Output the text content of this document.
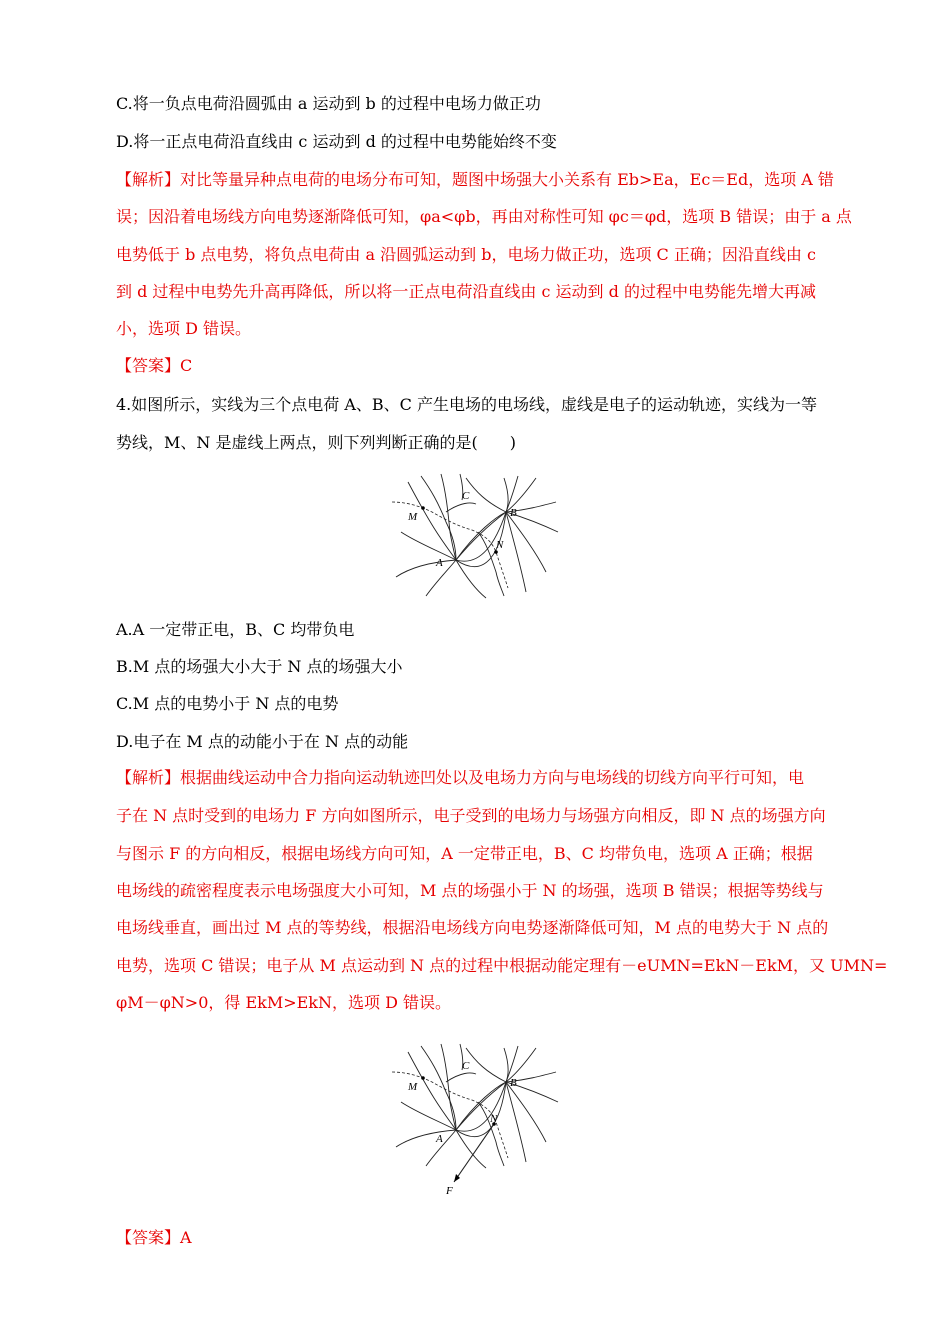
C.将一负点电荷沿圆弧由 a 运动到 b 的过程中电场力做正功
D.将一正点电荷沿直线由 c 运动到 d 的过程中电势能始终不变
【解析】对比等量异种点电荷的电场分布可知，题图中场强大小关系有 Eb>Ea，Ec＝Ed，选项 A 错
误；因沿着电场线方向电势逐渐降低可知，φa<φb，再由对称性可知 φc＝φd，选项 B 错误；由于 a 点
电势低于 b 点电势，将负点电荷由 a 沿圆弧运动到 b，电场力做正功，选项 C 正确；因沿直线由 c
到 d 过程中电势先升高再降低，所以将一正点电荷沿直线由 c 运动到 d 的过程中电势能先增大再减
小，选项 D 错误。
【答案】C
4.如图所示，实线为三个点电荷 A、B、C 产生电场的电场线，虚线是电子的运动轨迹，实线为一等
势线，M、N 是虚线上两点，则下列判断正确的是(　　)
M
C
B
N
A
A.A 一定带正电，B、C 均带负电
B.M 点的场强大小大于 N 点的场强大小
C.M 点的电势小于 N 点的电势
D.电子在 M 点的动能小于在 N 点的动能
【解析】根据曲线运动中合力指向运动轨迹凹处以及电场力方向与电场线的切线方向平行可知，电
子在 N 点时受到的电场力 F 方向如图所示，电子受到的电场力与场强方向相反，即 N 点的场强方向
与图示 F 的方向相反，根据电场线方向可知，A 一定带正电，B、C 均带负电，选项 A 正确；根据
电场线的疏密程度表示电场强度大小可知，M 点的场强小于 N 的场强，选项 B 错误；根据等势线与
电场线垂直，画出过 M 点的等势线，根据沿电场线方向电势逐渐降低可知，M 点的电势大于 N 点的
电势，选项 C 错误；电子从 M 点运动到 N 点的过程中根据动能定理有－eUMN=EkN－EkM，又 UMN=
φM－φN>0，得 EkM>EkN，选项 D 错误。
M
C
B
N
A
F
【答案】A
